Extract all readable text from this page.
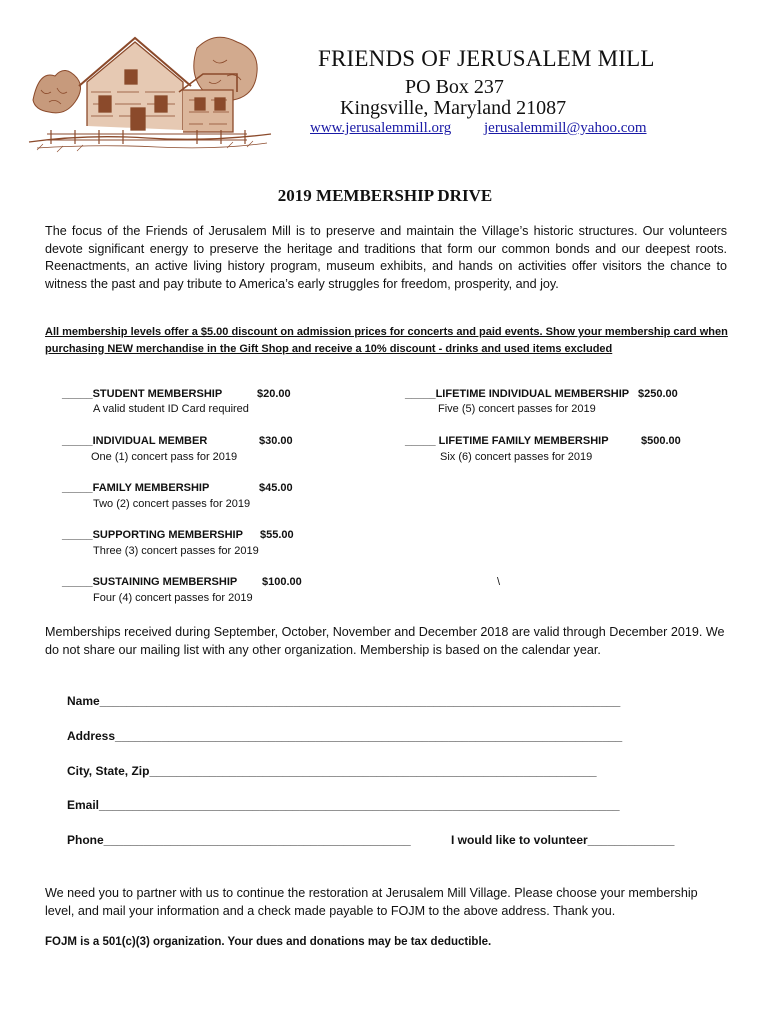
FRIENDS OF JERUSALEM MILL
PO Box 237
Kingsville, Maryland 21087
www.jerusalemmill.org jerusalemmill@yahoo.com
2019 MEMBERSHIP DRIVE
The focus of the Friends of Jerusalem Mill is to preserve and maintain the Village’s historic structures. Our volunteers devote significant energy to preserve the heritage and traditions that form our common bonds and our deepest roots. Reenactments, an active living history program, museum exhibits, and hands on activities offer visitors the chance to witness the past and pay tribute to America’s early struggles for freedom, prosperity, and joy.
All membership levels offer a $5.00 discount on admission prices for concerts and paid events. Show your membership card when purchasing NEW merchandise in the Gift Shop and receive a 10% discount - drinks and used items excluded
_____STUDENT MEMBERSHIP	$20.00
A valid student ID Card required
_____INDIVIDUAL MEMBER	$30.00
One (1) concert pass for 2019
_____FAMILY MEMBERSHIP	$45.00
Two (2) concert passes for 2019
_____SUPPORTING MEMBERSHIP $55.00
Three (3) concert passes for 2019
_____SUSTAINING MEMBERSHIP $100.00
Four (4) concert passes for 2019
_____LIFETIME INDIVIDUAL MEMBERSHIP $250.00
Five (5) concert passes for 2019
_____ LIFETIME FAMILY MEMBERSHIP	$500.00
Six (6) concert passes for 2019
\
Memberships received during September, October, November and December 2018 are valid through December 2019. We do not share our mailing list with any other organization. Membership is based on the calendar year.
Name______________________________________________________________________________
Address____________________________________________________________________________
City, State, Zip___________________________________________________________________
Email______________________________________________________________________________
Phone______________________________________________	I would like to volunteer_____________
We need you to partner with us to continue the restoration at Jerusalem Mill Village. Please choose your membership level, and mail your information and a check made payable to FOJM to the above address. Thank you.
FOJM is a 501(c)(3) organization. Your dues and donations may be tax deductible.
